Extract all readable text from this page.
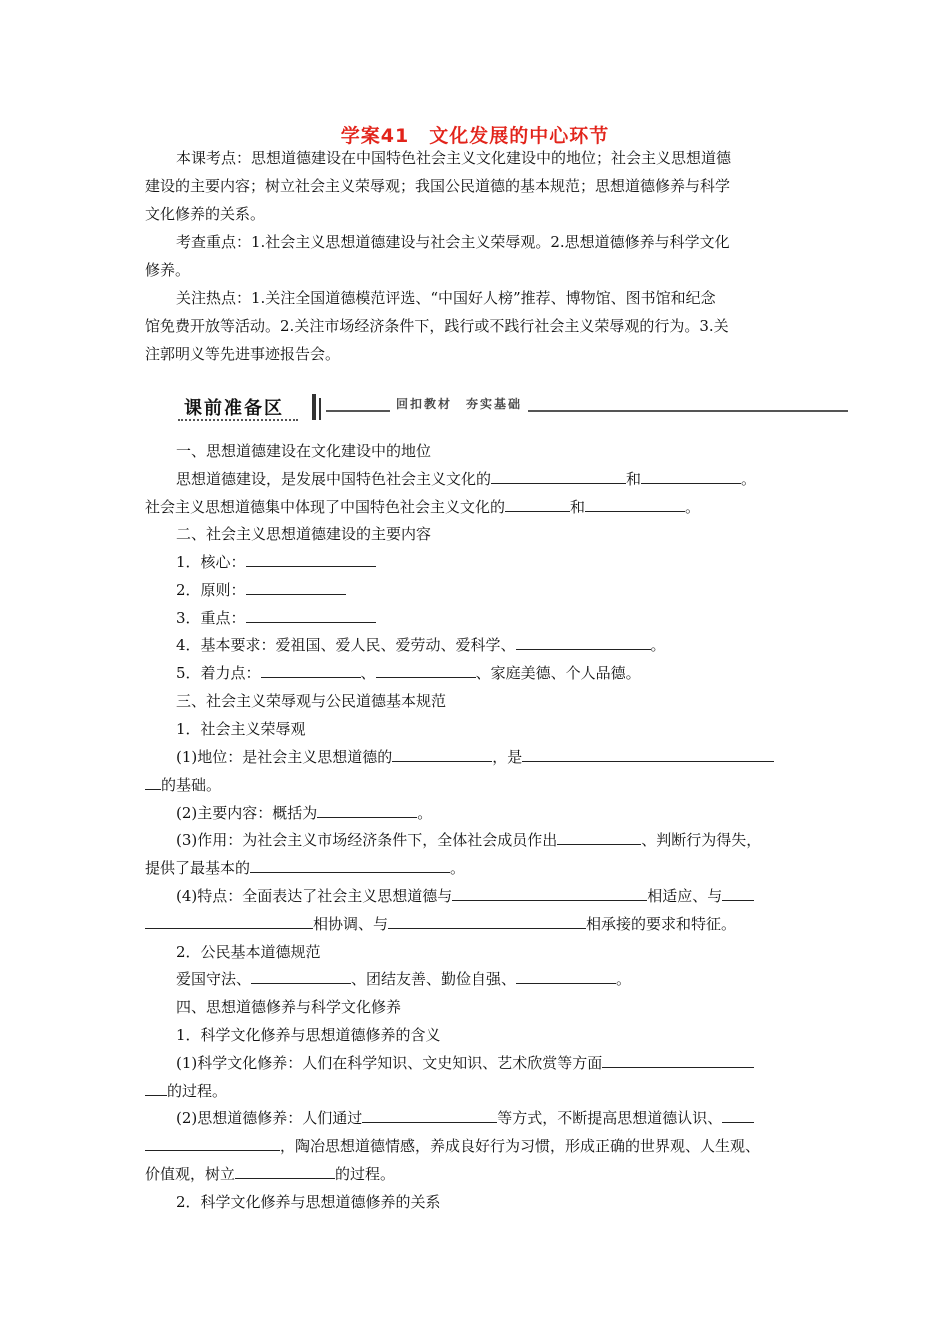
学案41　文化发展的中心环节
本课考点：思想道德建设在中国特色社会主义文化建设中的地位；社会主义思想道德
建设的主要内容；树立社会主义荣辱观；我国公民道德的基本规范；思想道德修养与科学
文化修养的关系。
考查重点：1.社会主义思想道德建设与社会主义荣辱观。2.思想道德修养与科学文化
修养。
关注热点：1.关注全国道德模范评选、“中国好人榜”推荐、博物馆、图书馆和纪念
馆免费开放等活动。2.关注市场经济条件下，践行或不践行社会主义荣辱观的行为。3.关
注郭明义等先进事迹报告会。
课前准备区	回扣教材　夯实基础
一、思想道德建设在文化建设中的地位
思想道德建设，是发展中国特色社会主义文化的	和	。
社会主义思想道德集中体现了中国特色社会主义文化的	和	。
二、社会主义思想道德建设的主要内容
1．核心：
2．原则：
3．重点：
4．基本要求：爱祖国、爱人民、爱劳动、爱科学、	。
5．着力点：	、	、家庭美德、个人品德。
三、社会主义荣辱观与公民道德基本规范
1．社会主义荣辱观
(1)地位：是社会主义思想道德的	，是
的基础。
(2)主要内容：概括为	。
(3)作用：为社会主义市场经济条件下，全体社会成员作出	、判断行为得失，
提供了最基本的	。
(4)特点：全面表达了社会主义思想道德与	相适应、与
相协调、与	相承接的要求和特征。
2．公民基本道德规范
爱国守法、	、团结友善、勤俭自强、	。
四、思想道德修养与科学文化修养
1．科学文化修养与思想道德修养的含义
(1)科学文化修养：人们在科学知识、文史知识、艺术欣赏等方面
的过程。
(2)思想道德修养：人们通过	等方式，不断提高思想道德认识、
，陶冶思想道德情感，养成良好行为习惯，形成正确的世界观、人生观、
价值观，树立	的过程。
2．科学文化修养与思想道德修养的关系
